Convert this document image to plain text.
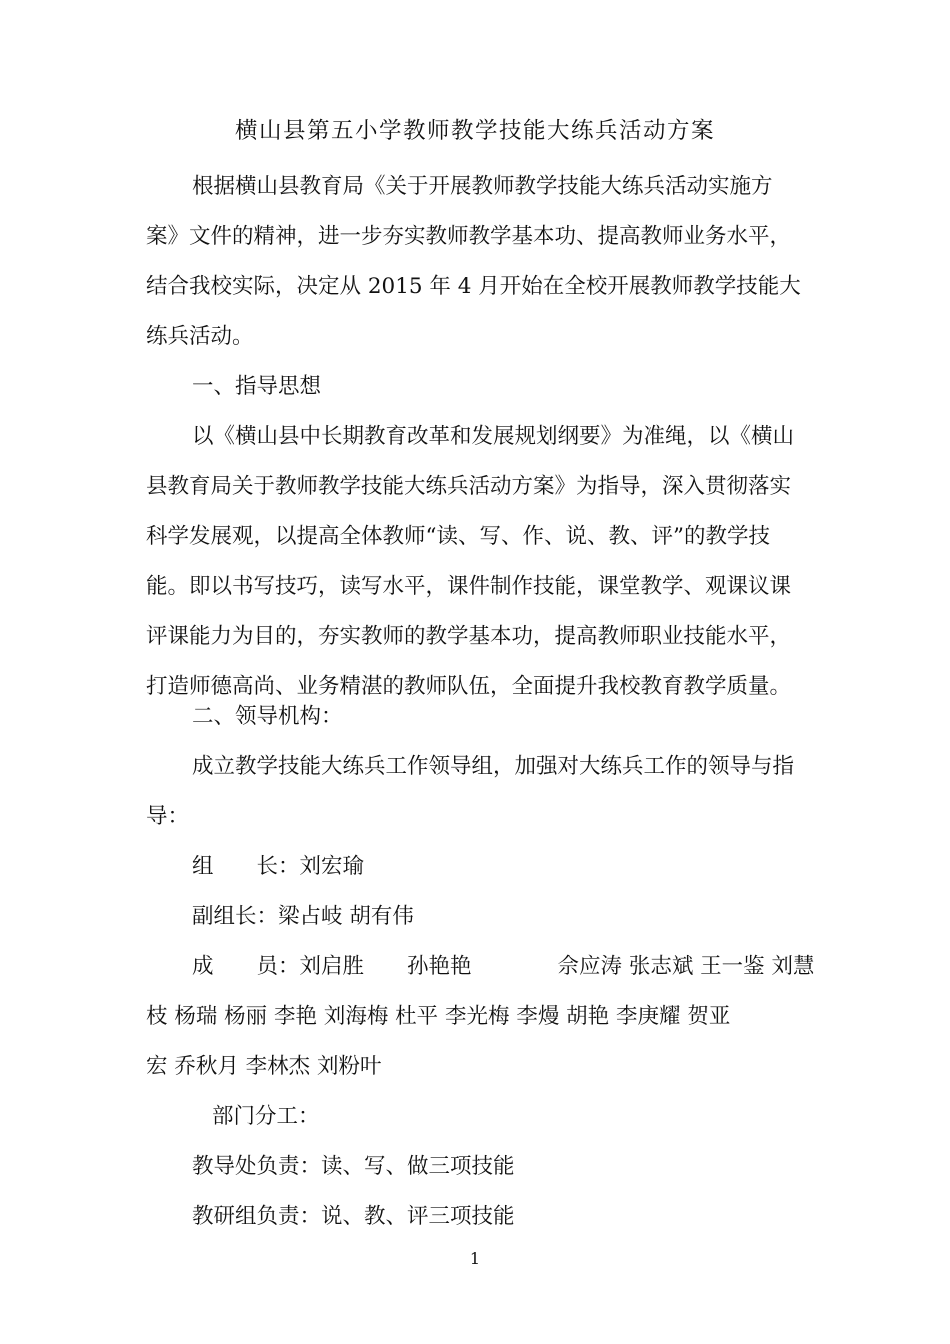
横山县第五小学教师教学技能大练兵活动方案
根据横山县教育局《关于开展教师教学技能大练兵活动实施方
案》文件的精神，进一步夯实教师教学基本功、提高教师业务水平，
结合我校实际，决定从 2015 年 4 月开始在全校开展教师教学技能大
练兵活动。
一、指导思想
以《横山县中长期教育改革和发展规划纲要》为准绳，以《横山
县教育局关于教师教学技能大练兵活动方案》为指导，深入贯彻落实
科学发展观，以提高全体教师“读、写、作、说、教、评”的教学技
能。即以书写技巧，读写水平，课件制作技能，课堂教学、观课议课
评课能力为目的，夯实教师的教学基本功，提高教师职业技能水平，
打造师德高尚、业务精湛的教师队伍，全面提升我校教育教学质量。
二、领导机构：
成立教学技能大练兵工作领导组，加强对大练兵工作的领导与指
导：
组　　长：刘宏瑜
副组长：梁占岐 胡有伟
成　　员：刘启胜　　孙艳艳　　　　佘应涛 张志斌 王一鉴 刘慧
枝 杨瑞 杨丽 李艳 刘海梅 杜平 李光梅 李熳 胡艳 李庚耀 贺亚
宏 乔秋月 李林杰 刘粉叶
部门分工：
教导处负责：读、写、做三项技能
教研组负责：说、教、评三项技能
1
